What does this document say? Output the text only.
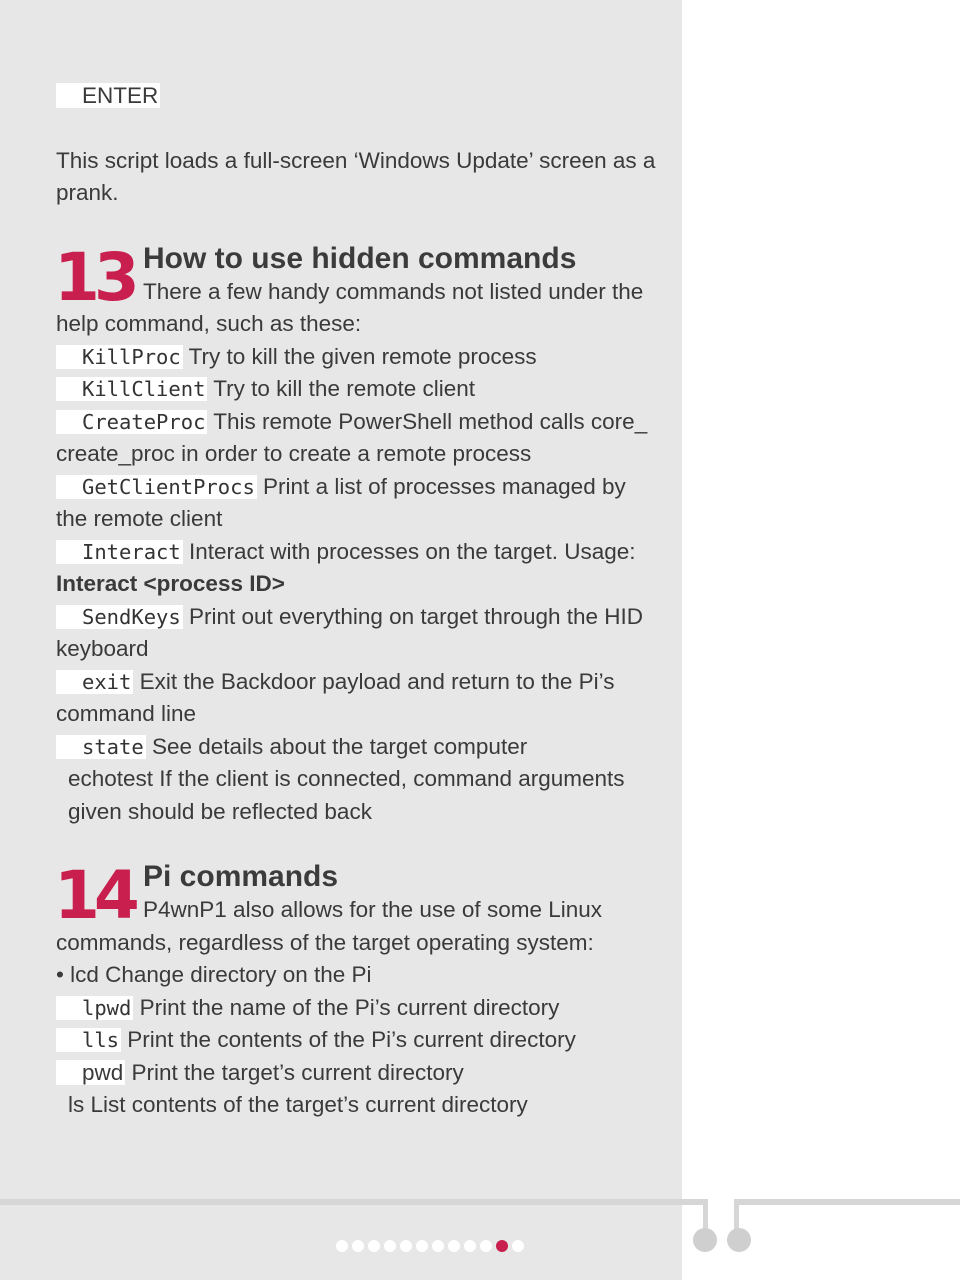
ENTER

This script loads a full-screen ‘Windows Update’ screen as a prank.

13 How to use hidden commands

There a few handy commands not listed under the

help command, such as these:

KillProc Try to kill the given remote process

KillClient Try to kill the remote client

CreateProc This remote PowerShell method calls core_ create_proc in order to create a remote process

GetClientProcs Print a list of processes managed by the remote client

Interact Interact with processes on the target. Usage: Interact <process ID>

SendKeys Print out everything on target through the HID keyboard

exit Exit the Backdoor payload and return to the Pi’s command line

state See details about the target computer

echotest If the client is connected, command arguments given should be reflected back

14 Pi commands

P4wnP1 also allows for the use of some Linux

commands, regardless of the target operating system:

• lcd Change directory on the Pi

lpwd Print the name of the Pi’s current directory

lls Print the contents of the Pi’s current directory

pwd Print the target’s current directory

ls List contents of the target’s current directory
